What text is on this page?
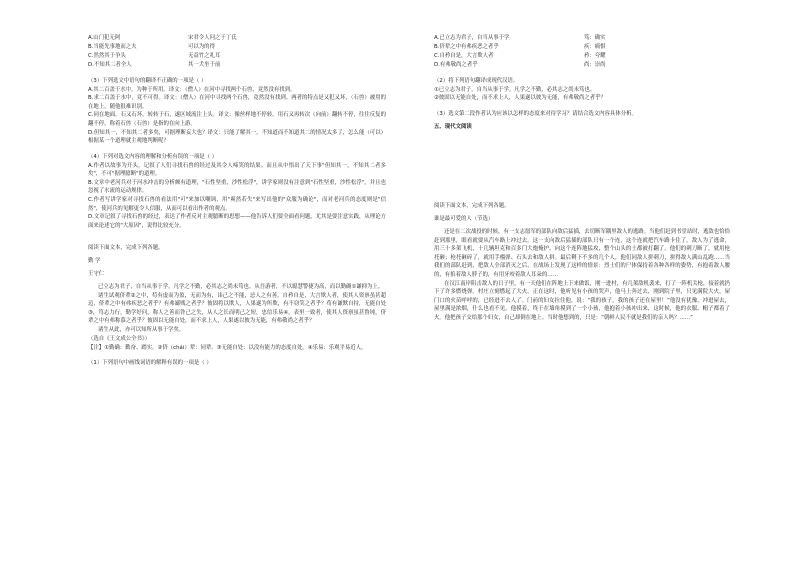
A.山门犯无阿	宋君令人问之于丁氏
B.当能先事地而之夫	可以为的得
C.然然其于争头	无益竹之礼耳
D.不知其二者全人	其一犬坐于前

（3）下列选文中语句的翻译不正确的一项是（ ）

A.其二百盖于水中。为种于所用。译文：（僧人）在河中寻找两个石兽，竟然没有找到。

B.求二百盖于水中，竟不可得。译文：（僧人）在河中寻找两个石兽，竟然没有找到。两者的特点是又犯又坏，（石兽）被用的在地上，随他很难识别。

C.同在地面。石又石坏。转转于石，遂区域流注上头。译文：像丝样地不停转。用石又再转次（向前）翻转不停，往往反复的翻不停，称着石兽（石兽）是指的在向上游。

D.但知其一，不知其二者多矣，可据理断妄大也？译文：只能了解其一，不知道而不知道其二的情况太多了，怎么能（可以）根据某一个道理就主观地判断呢？

（4）下列对选文内容的理解和分析有误的一项是（ ）

A.作者以故事为开头，记叙了人们寻找石兽的经过及其令人啼笑的结果。而且从中悟出了天下事"但知其一，不知其二者多矣"，不可"据理臆断"的道理。

B.文章中老河兵对于河水冲击的分析颇有道理，"石性坚重，沙性松浮"，讲学家则没有注意到"石性坚重，沙性松浮"，并且也忽视了水流的运动规律。

C.作者写讲学家对寻找石兽的看法用"可"来加以嘲讽，用"爽然若失"来写出他的"众服为确论"，而对老河兵的态度则是"信然"，使河兵的见解更令人信服，从而可以看出作者的观点。

D.文章记叙了寻找石兽的经过，表达了作者反对主观臆断的思想——他告诉人们要全面看问题，尤其是要注意实践，从理论方面来论述它的"大原因"，说得比较充分。

阅读下面文本，完成下列各题。

勤 学

王守仁

已立志为君子，自当从事于学。凡学之不勤，必其志之尚未笃也。从吾游者，不以聪慧警捷为高，而以勤确①谦抑为上。

诸生试观侪辈②之中，苟有虚而为盈，无而为有，讳己之不能，忌人之有善，自矜自是，大言欺人者，使其人资禀虽甚超迈，侪辈之中有弗疾恶之者乎？有弗鄙贱之者乎？彼固将以欺人，人果遂为所欺，有不窃笑之者乎？苟有谦默自持，无能自处③，笃志力行，勤学好问，称人之善而咎己之失，从人之长而明己之短，忠信乐易④，表里一致者，使其人资禀虽甚鲁钝，侪辈之中有弗称慕之者乎？彼固以无能自处，而不求上人，人果遂以彼为无能，有弗敬尚之者乎？

诸生从此，亦可以知所从事于学矣。

（选自《王文成公全书》）

【注】①勤确：勤奋、踏实。②侪（chái）辈：同辈。③无能自处：以没有能力的态度自处。④乐易：乐观平易近人。

（1）下列语句中画线词语的解释有误的一项是（ ）

A.已立志为君子，自当从事于学	笃：确实
B.侪辈之中有弗疾恶之者乎	疾：痛恨
C.自矜自是，大言欺人者	矜：夸耀
D.有弗敬尚之者乎	尚：崇尚

（2）将下列语句翻译成现代汉语。

①已立志为君子，自当从事于学。凡学之不勤，必其志之尚未笃也。

②彼固以无能自处，而不求上人，人果遂以彼为无能，有弗敬尚之者乎？

（3）选文第二段作者认为应该以怎样的态度来对待学习？请结合选文内容具体分析。

五、现代文阅读

阅读下面文本，完成下列各题。

谁是最可爱的人（节选）

还是在二次战役的时候，有一支志愿军的部队向敌后猛插，去切断军隅里敌人的逃路。当他们赶到书堂站时，逃敌也恰恰赶到那里，眼看就要从汽车路上冲过去。这一支向敌后猛插的部队只有一个连，这个连就把汽车路卡住了。敌人为了逃命，用三十多架飞机，十几辆坦克和百多门大炮掩护，向这个连阵地猛攻，整个山头的土都被打翻了。他们的刺刀断了，就用枪托砸；枪托砸碎了，就用手榴弹、石头去和敌人拼。最后剩下不多的几个人，他们同敌人拼刺刀，拼得敌人满山乱跑……当我们的部队赶到，把敌人全部消灭之后，在战场上发现了这样的情景：烈士们的尸体保持着各种各样的姿势，有抱着敌人腰的，有掐着敌人脖子的，有用牙咬着敌人耳朵的……

在汉江南岸阻击敌人的日子里，有一天他们在阵地上下来做饭，刚一进村，有几架敌机袭来，打了一阵机关枪，接着就扔下了许多燃烧弹。村庄立刻燃起了大火。正在这时，他听见有小孩的哭声，他马上奔过去，刚到院子里，只见满院大火，屋门口的火苗呼呼的，已经进不去人了。门前的妇女拉住他，说：“我的孩子，我的孩子还在屋里！”他没有犹豫，冲进屋去，屋里满是浓烟，什么也看不见。他摸着，终于在墙角摸到了一个小孩，他抱着小孩冲出来，这时候，他的衣服、帽子都着了火。他把孩子交给那个妇女，自己却倒在地上。当时他想到的，只是：“朝鲜人民不就是我们的亲人吗？……”
